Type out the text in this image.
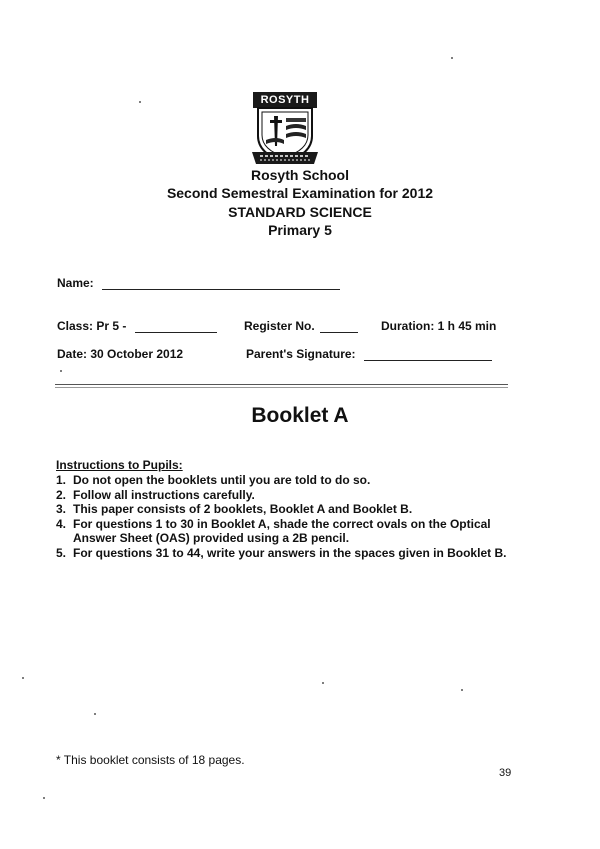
ROSYTH
Rosyth School
Second Semestral Examination for 2012
STANDARD SCIENCE
Primary 5
Name:
Class: Pr 5 -	Register No.	Duration: 1 h 45 min
Date: 30 October 2012	Parent's Signature:
Booklet A
Instructions to Pupils:
1. Do not open the booklets until you are told to do so.
2. Follow all instructions carefully.
3. This paper consists of 2 booklets, Booklet A and Booklet B.
4. For questions 1 to 30 in Booklet A, shade the correct ovals on the Optical Answer Sheet (OAS) provided using a 2B pencil.
5. For questions 31 to 44, write your answers in the spaces given in Booklet B.
* This booklet consists of 18 pages.
39
